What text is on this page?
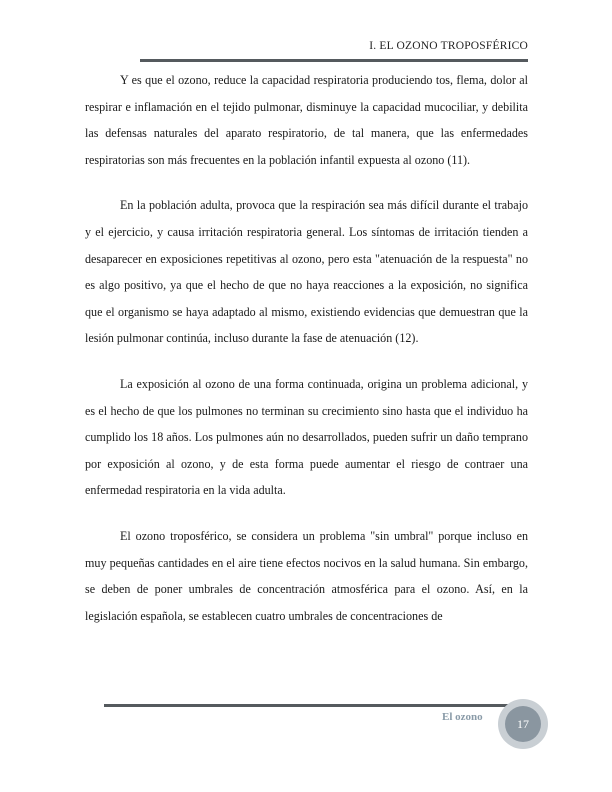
I. EL OZONO TROPOSFÉRICO

Y es que el ozono, reduce la capacidad respiratoria produciendo tos, flema, dolor al respirar e inflamación en el tejido pulmonar, disminuye la capacidad mucociliar, y debilita las defensas naturales del aparato respiratorio, de tal manera, que las enfermedades respiratorias son más frecuentes en la población infantil expuesta al ozono (11).

En la población adulta, provoca que la respiración sea más difícil durante el trabajo y el ejercicio, y causa irritación respiratoria general. Los síntomas de irritación tienden a desaparecer en exposiciones repetitivas al ozono, pero esta "atenuación de la respuesta" no es algo positivo, ya que el hecho de que no haya reacciones a la exposición, no significa que el organismo se haya adaptado al mismo, existiendo evidencias que demuestran que la lesión pulmonar continúa, incluso durante la fase de atenuación (12).

La exposición al ozono de una forma continuada, origina un problema adicional, y es el hecho de que los pulmones no terminan su crecimiento sino hasta que el individuo ha cumplido los 18 años. Los pulmones aún no desarrollados, pueden sufrir un daño temprano por exposición al ozono, y de esta forma puede aumentar el riesgo de contraer una enfermedad respiratoria en la vida adulta.

El ozono troposférico, se considera un problema "sin umbral" porque incluso en muy pequeñas cantidades en el aire tiene efectos nocivos en la salud humana. Sin embargo, se deben de poner umbrales de concentración atmosférica para el ozono. Así, en la legislación española, se establecen cuatro umbrales de concentraciones de

El ozono	17
